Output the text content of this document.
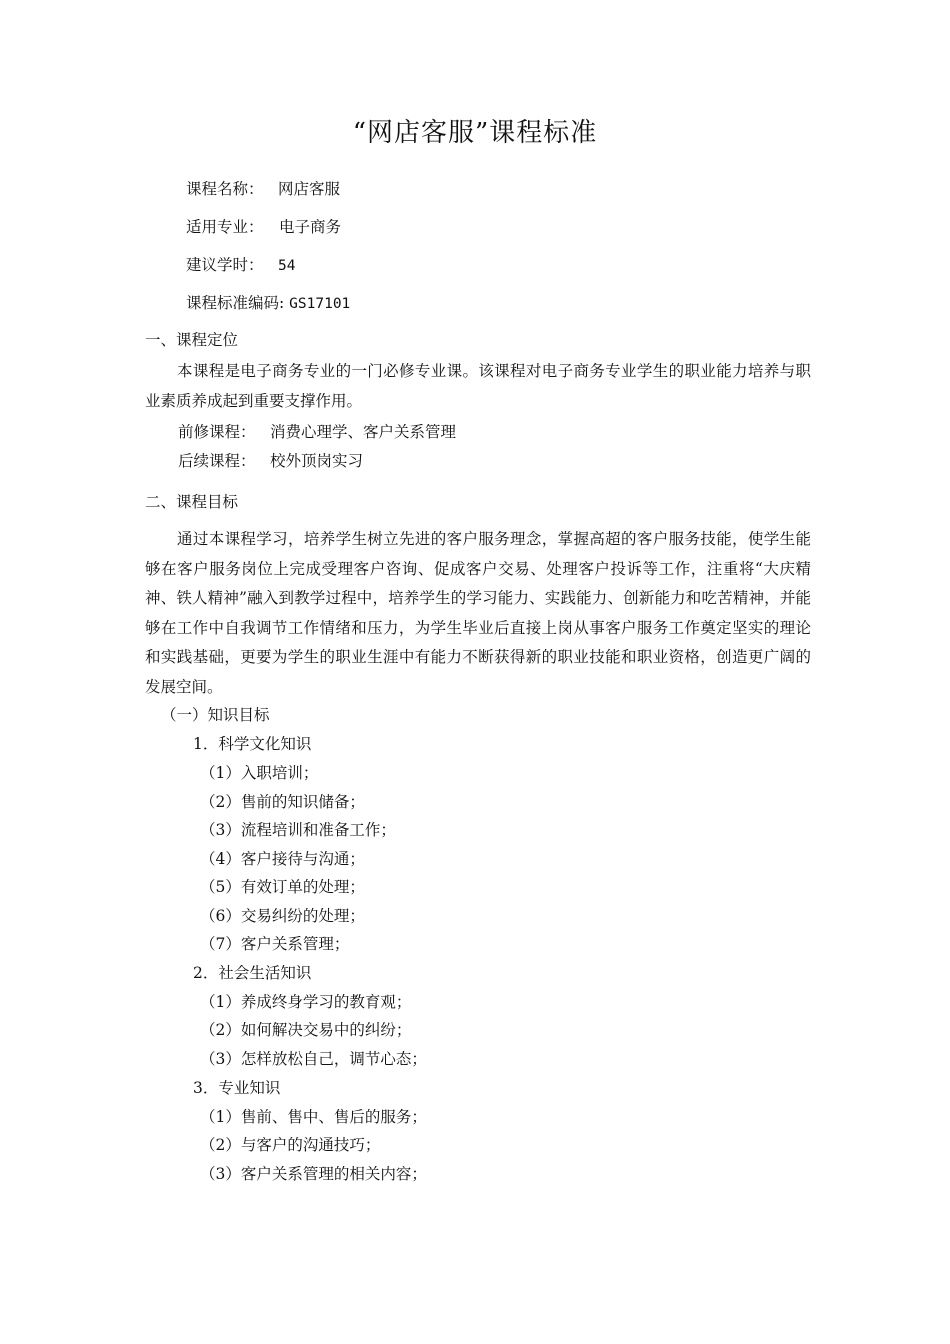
“网店客服”课程标准
课程名称： 网店客服
适用专业： 电子商务
建议学时： 54
课程标准编码: GS17101
一、课程定位
本课程是电子商务专业的一门必修专业课。该课程对电子商务专业学生的职业能力培养与职业素质养成起到重要支撑作用。
前修课程： 消费心理学、客户关系管理
后续课程： 校外顶岗实习
二、课程目标
通过本课程学习，培养学生树立先进的客户服务理念，掌握高超的客户服务技能，使学生能够在客户服务岗位上完成受理客户咨询、促成客户交易、处理客户投诉等工作，注重将“大庆精神、铁人精神”融入到教学过程中，培养学生的学习能力、实践能力、创新能力和吃苦精神，并能够在工作中自我调节工作情绪和压力，为学生毕业后直接上岗从事客户服务工作奠定坚实的理论和实践基础，更要为学生的职业生涯中有能力不断获得新的职业技能和职业资格，创造更广阔的发展空间。
（一）知识目标
1．科学文化知识
（1）入职培训；
（2）售前的知识储备；
（3）流程培训和准备工作；
（4）客户接待与沟通；
（5）有效订单的处理；
（6）交易纠纷的处理；
（7）客户关系管理；
2．社会生活知识
（1）养成终身学习的教育观；
（2）如何解决交易中的纠纷；
（3）怎样放松自己，调节心态；
3．专业知识
（1）售前、售中、售后的服务；
（2）与客户的沟通技巧；
（3）客户关系管理的相关内容；
